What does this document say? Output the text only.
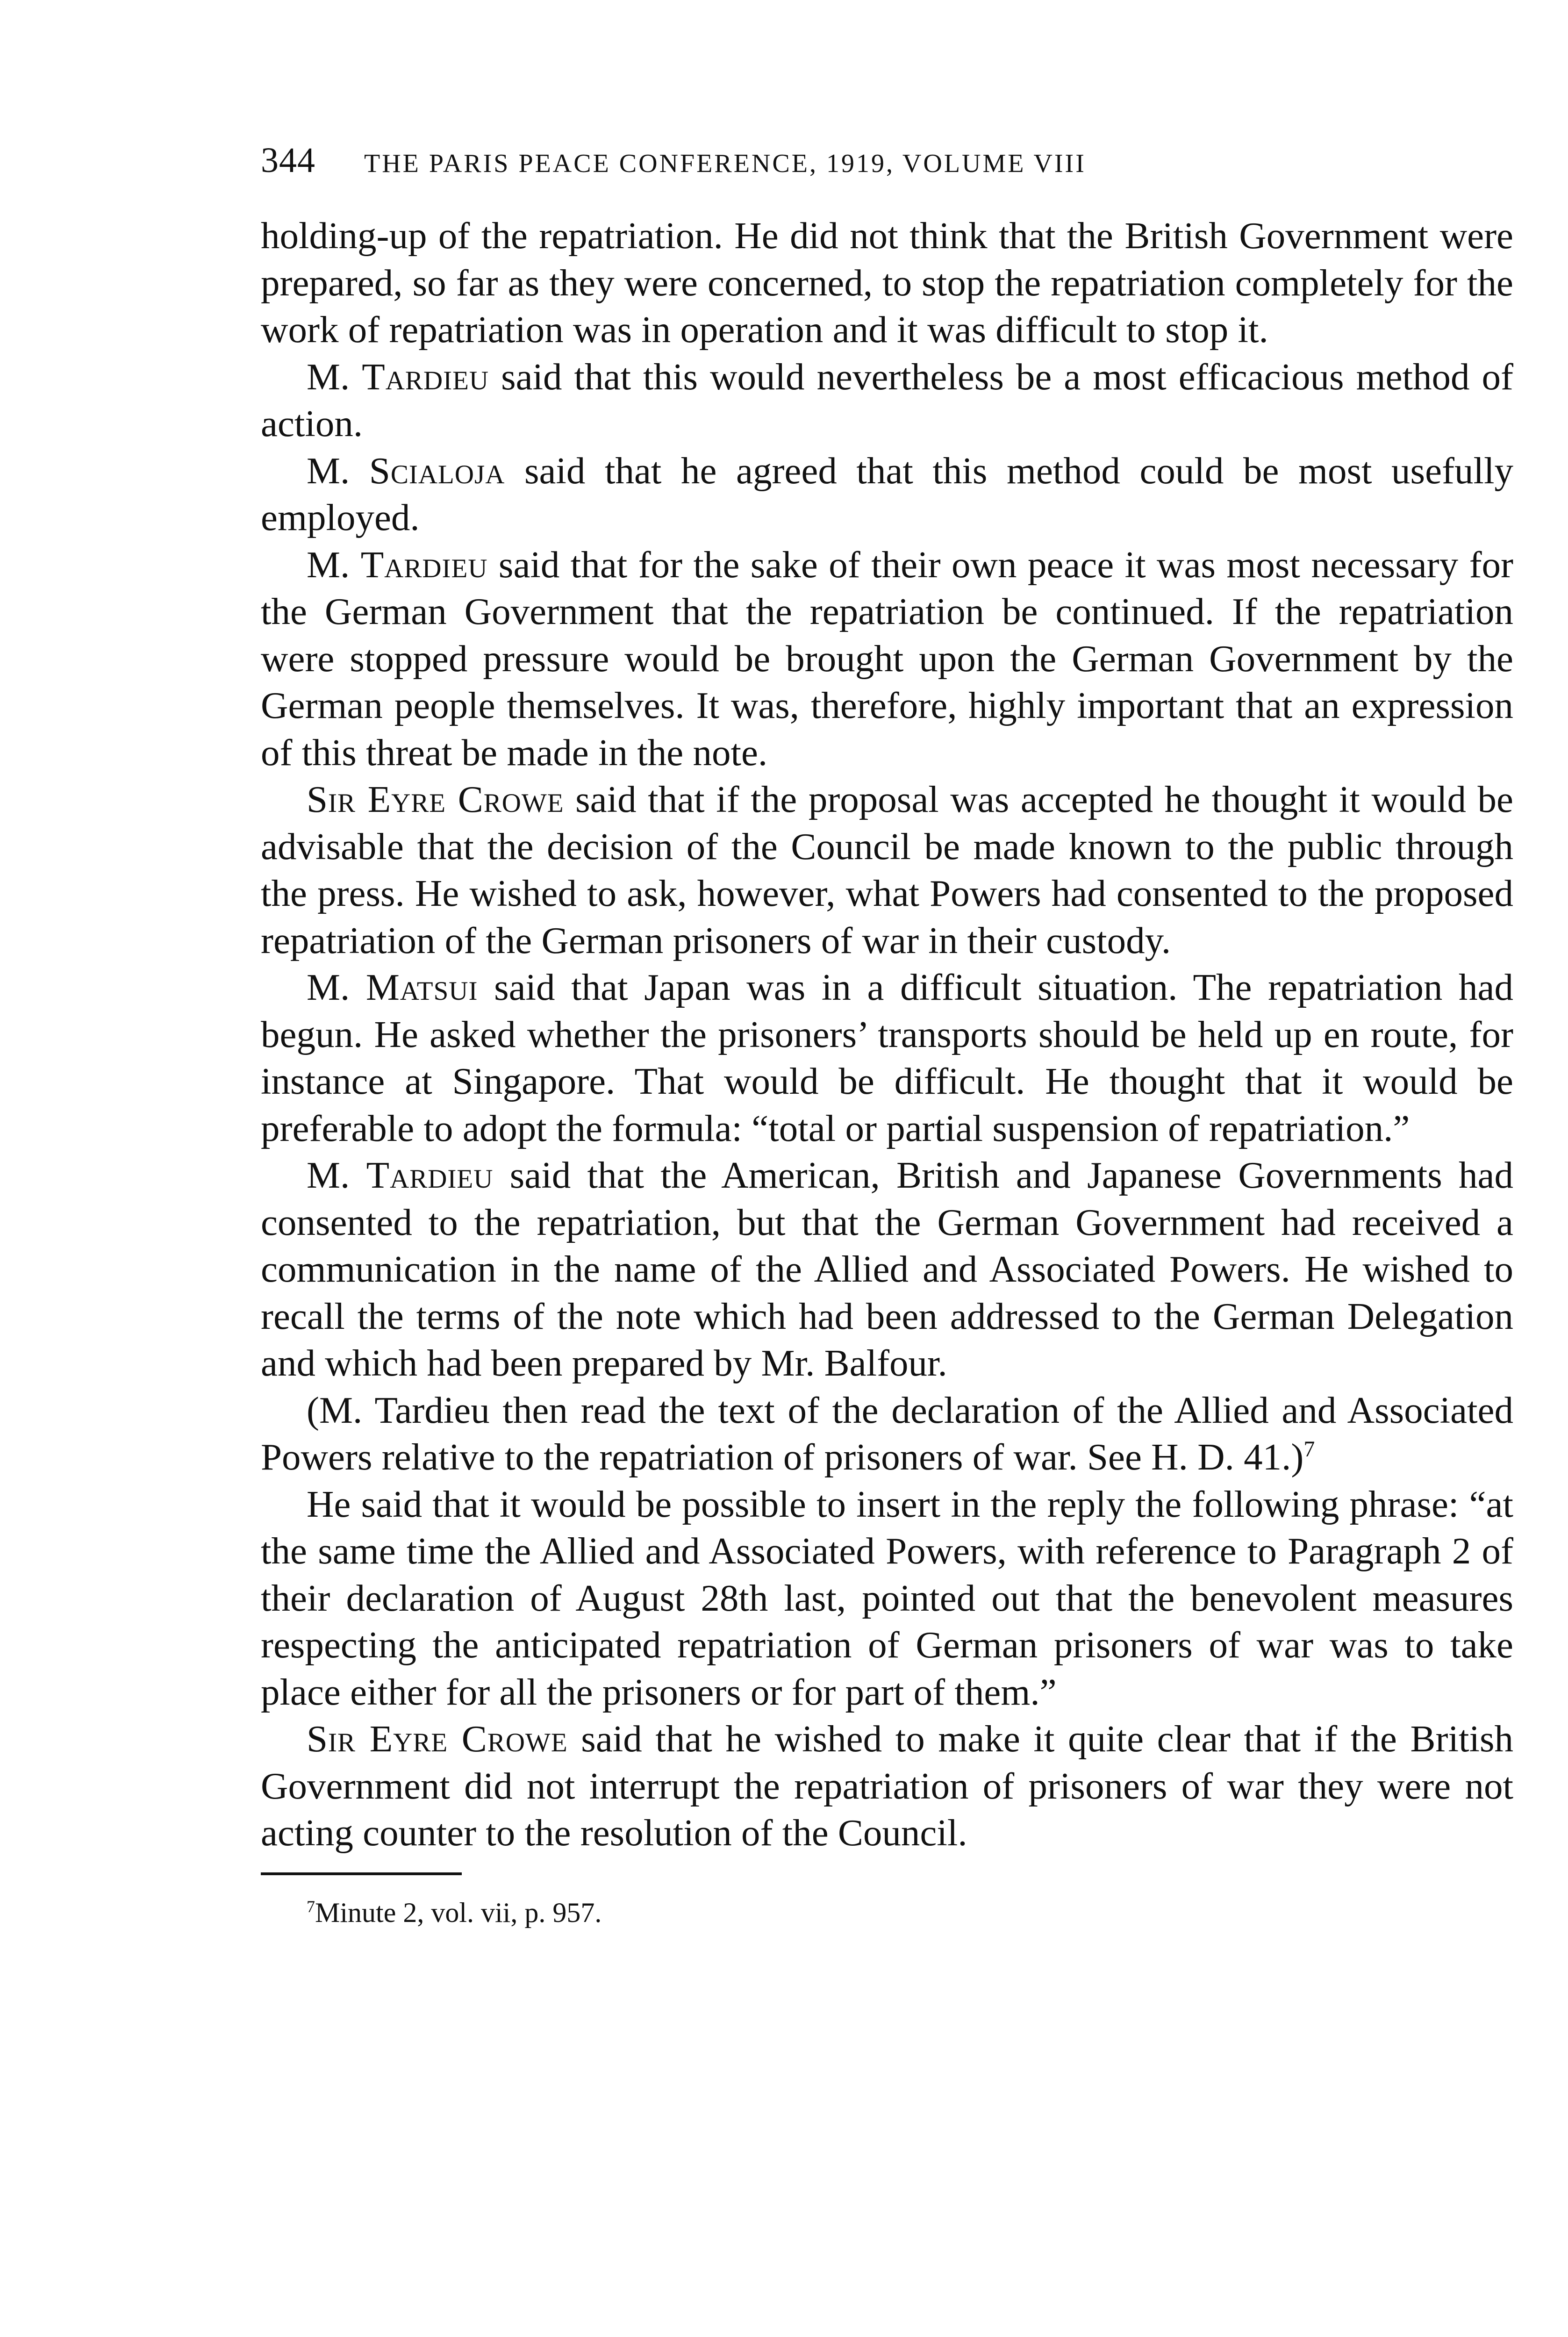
344 THE PARIS PEACE CONFERENCE, 1919, VOLUME VIII

holding-up of the repatriation. He did not think that the British Government were prepared, so far as they were concerned, to stop the repatriation completely for the work of repatriation was in operation and it was difficult to stop it.

M. Tardieu said that this would nevertheless be a most efficacious method of action.

M. Scialoja said that he agreed that this method could be most usefully employed.

M. Tardieu said that for the sake of their own peace it was most necessary for the German Government that the repatriation be continued. If the repatriation were stopped pressure would be brought upon the German Government by the German people themselves. It was, therefore, highly important that an expression of this threat be made in the note.

Sir Eyre Crowe said that if the proposal was accepted he thought it would be advisable that the decision of the Council be made known to the public through the press. He wished to ask, however, what Powers had consented to the proposed repatriation of the German prisoners of war in their custody.

M. Matsui said that Japan was in a difficult situation. The repatriation had begun. He asked whether the prisoners’ transports should be held up en route, for instance at Singapore. That would be difficult. He thought that it would be preferable to adopt the formula: “total or partial suspension of repatriation.”

M. Tardieu said that the American, British and Japanese Governments had consented to the repatriation, but that the German Government had received a communication in the name of the Allied and Associated Powers. He wished to recall the terms of the note which had been addressed to the German Delegation and which had been prepared by Mr. Balfour.

(M. Tardieu then read the text of the declaration of the Allied and Associated Powers relative to the repatriation of prisoners of war. See H. D. 41.)$^7$

He said that it would be possible to insert in the reply the following phrase: “at the same time the Allied and Associated Powers, with reference to Paragraph 2 of their declaration of August 28th last, pointed out that the benevolent measures respecting the anticipated repatriation of German prisoners of war was to take place either for all the prisoners or for part of them.”

Sir Eyre Crowe said that he wished to make it quite clear that if the British Government did not interrupt the repatriation of prisoners of war they were not acting counter to the resolution of the Council.

$^7$Minute 2, vol. vii, p. 957.
